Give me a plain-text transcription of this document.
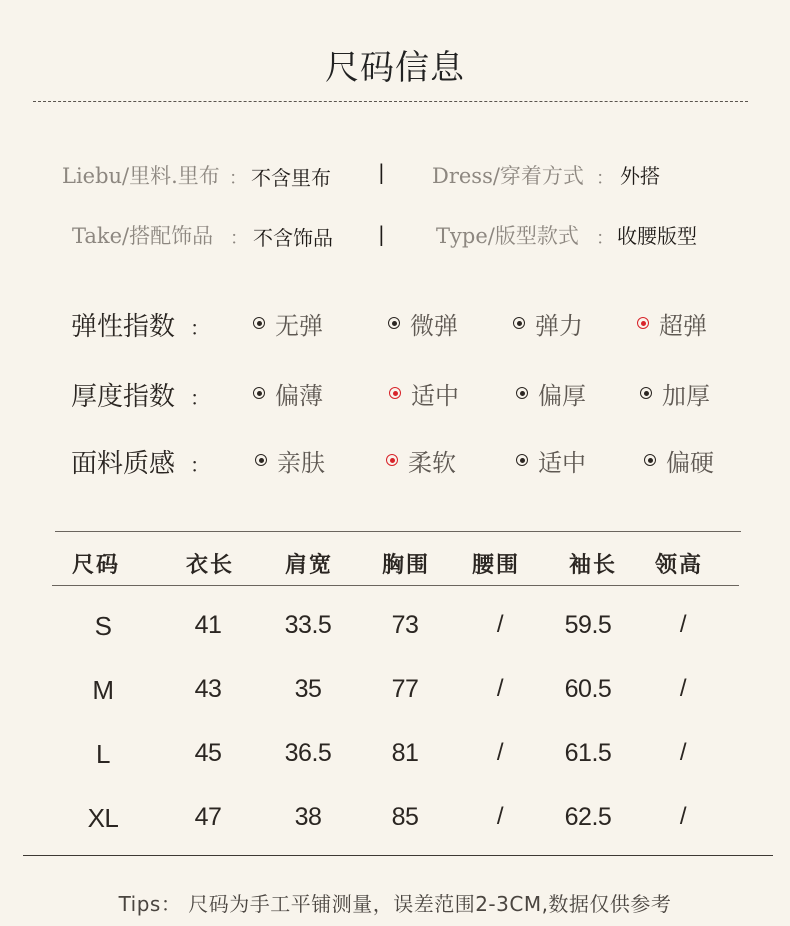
尺码信息
Liebu/里料.里布 ： 不含里布 | Dress/穿着方式 ： 外搭
Take/搭配饰品 ： 不含饰品 | Type/版型款式 ： 收腰版型
弹性指数 ：	无弹	微弹	弹力	超弹
厚度指数 ：	偏薄	适中	偏厚	加厚
面料质感 ：	亲肤	柔软	适中	偏硬
尺码	衣长	肩宽	胸围	腰围	袖长	领高
S	41	33.5	73	/	59.5	/
M	43	35	77	/	60.5	/
L	45	36.5	81	/	61.5	/
XL	47	38	85	/	62.5	/
Tips： 尺码为手工平铺测量，误差范围2-3CM,数据仅供参考
